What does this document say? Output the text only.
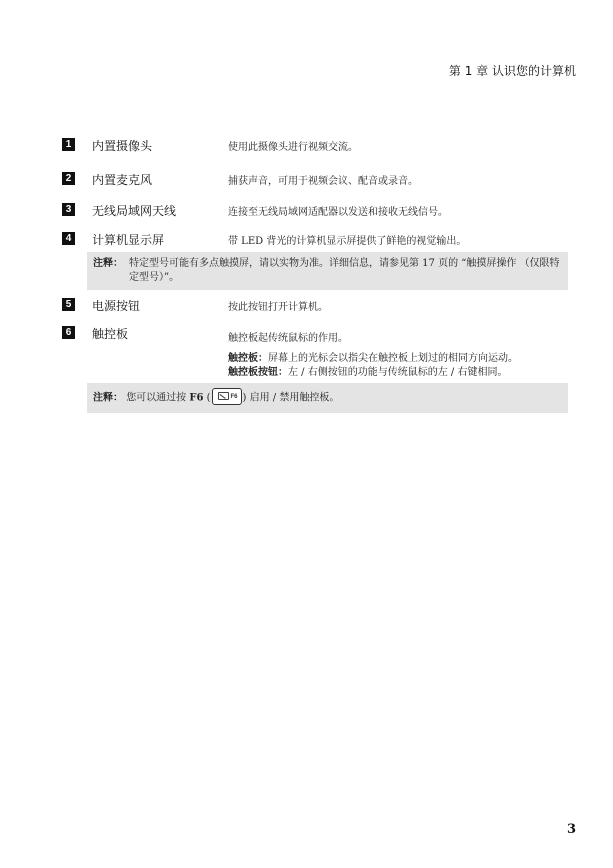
第 1 章 认识您的计算机
1	内置摄像头	使用此摄像头进行视频交流。
2	内置麦克风	捕获声音，可用于视频会议、配音或录音。
3	无线局域网天线	连接至无线局域网适配器以发送和接收无线信号。
4	计算机显示屏	带 LED 背光的计算机显示屏提供了鲜艳的视觉输出。
注释： 特定型号可能有多点触摸屏，请以实物为准。详细信息，请参见第 17 页的 “触摸屏操作 （仅限特定型号）”。
5	电源按钮	按此按钮打开计算机。
6	触控板	触控板起传统鼠标的作用。
触控板：屏幕上的光标会以指尖在触控板上划过的相同方向运动。
触控板按钮：左 / 右侧按钮的功能与传统鼠标的左 / 右键相同。
注释： 您可以通过按 F6 (	F6 ) 启用 / 禁用触控板。
3
